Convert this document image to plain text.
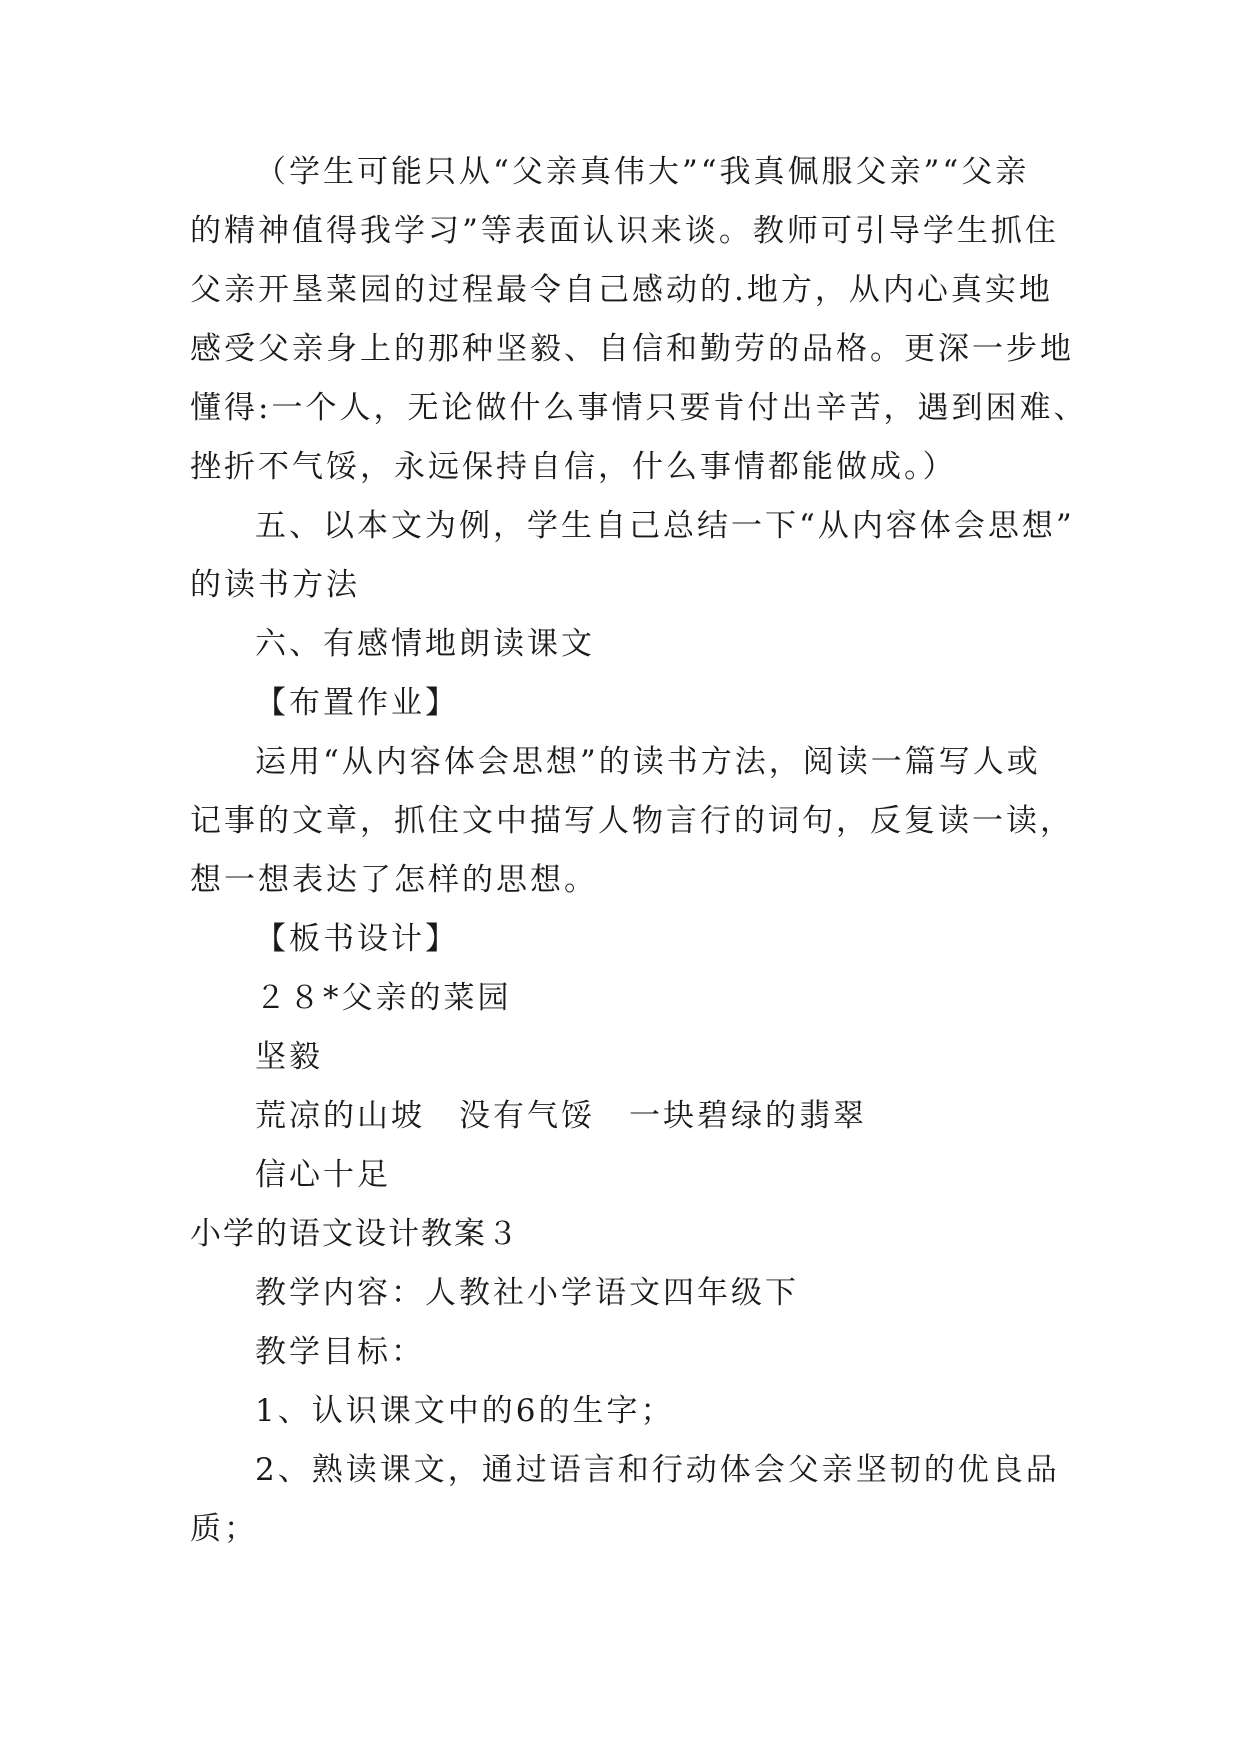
（学生可能只从“父亲真伟大”“我真佩服父亲”“父亲
的精神值得我学习”等表面认识来谈。教师可引导学生抓住
父亲开垦菜园的过程最令自己感动的.地方，从内心真实地
感受父亲身上的那种坚毅、自信和勤劳的品格。更深一步地
懂得:一个人，无论做什么事情只要肯付出辛苦，遇到困难、
挫折不气馁，永远保持自信，什么事情都能做成。）
五、以本文为例，学生自己总结一下“从内容体会思想”
的读书方法
六、有感情地朗读课文
【布置作业】
运用“从内容体会思想”的读书方法，阅读一篇写人或
记事的文章，抓住文中描写人物言行的词句，反复读一读，
想一想表达了怎样的思想。
【板书设计】
２８*父亲的菜园
坚毅
荒凉的山坡　没有气馁　一块碧绿的翡翠
信心十足
小学的语文设计教案３
教学内容：人教社小学语文四年级下
教学目标：
1、认识课文中的6的生字；
2、熟读课文，通过语言和行动体会父亲坚韧的优良品
质；
